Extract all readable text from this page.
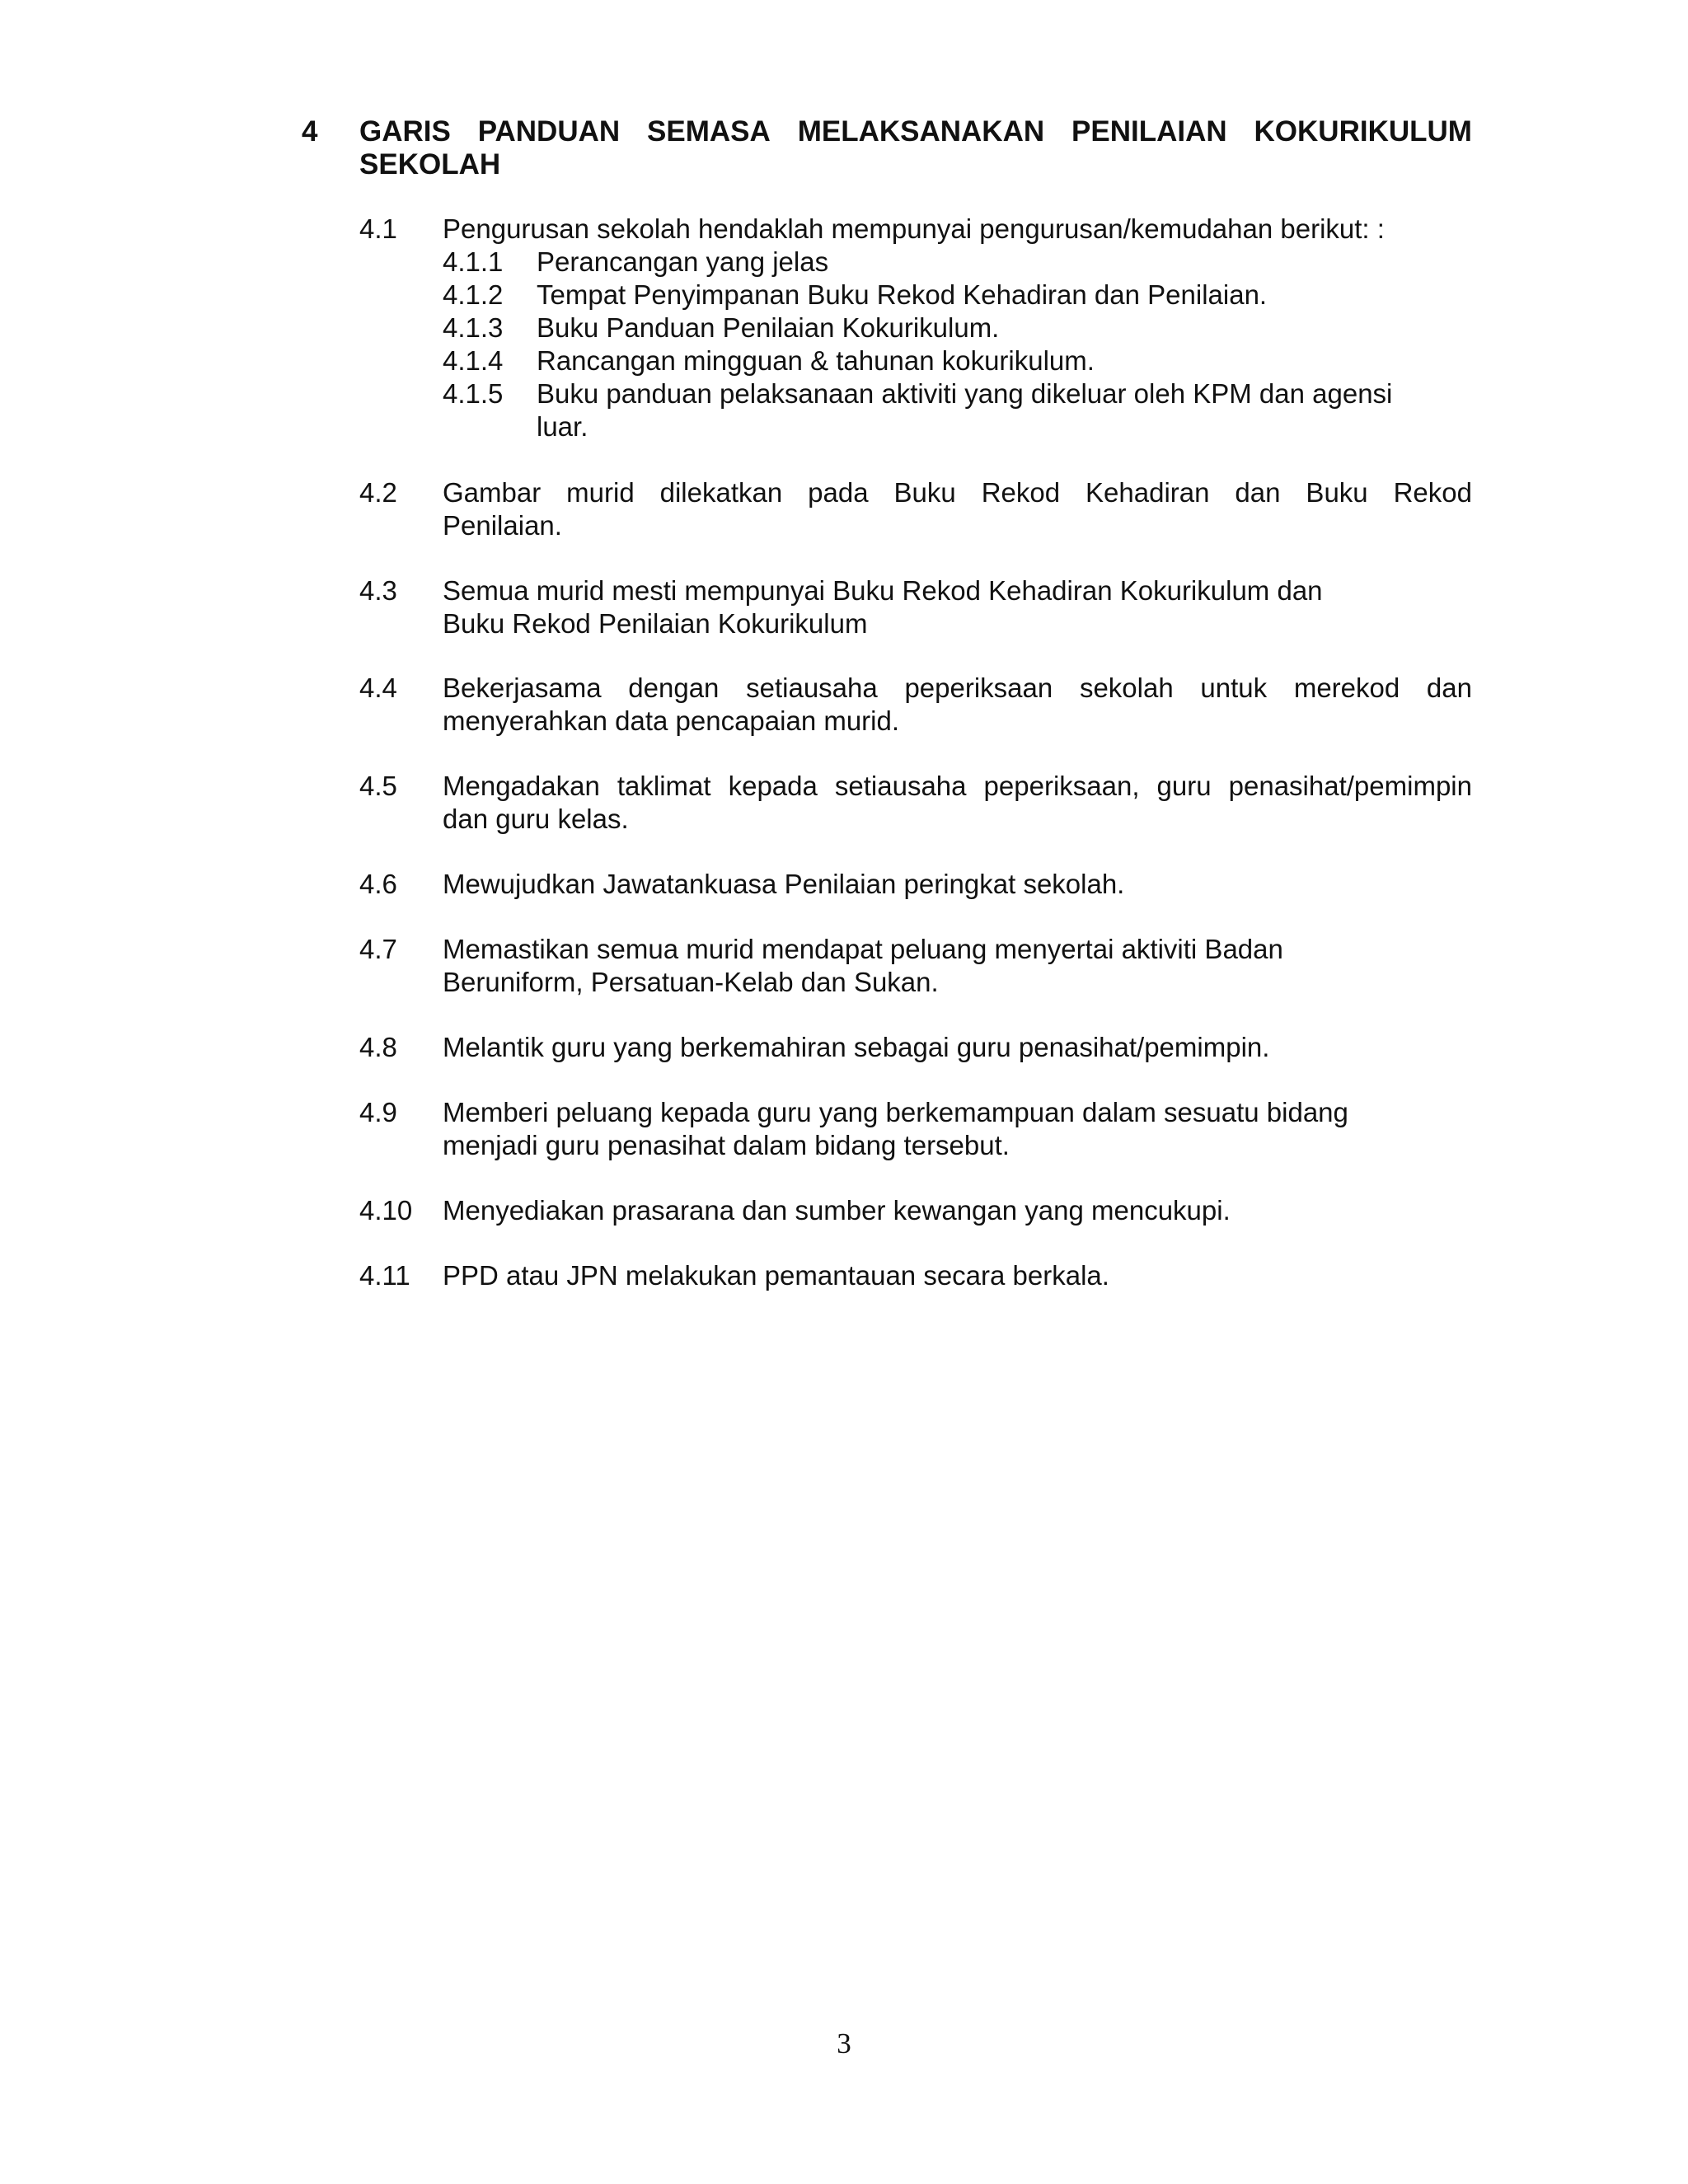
4	GARIS PANDUAN SEMASA MELAKSANAKAN PENILAIAN KOKURIKULUM
SEKOLAH
4.1	Pengurusan sekolah hendaklah mempunyai pengurusan/kemudahan berikut: :
4.1.1	Perancangan yang jelas
4.1.2	Tempat Penyimpanan Buku Rekod Kehadiran dan Penilaian.
4.1.3	Buku Panduan Penilaian Kokurikulum.
4.1.4	Rancangan mingguan & tahunan kokurikulum.
4.1.5	Buku panduan pelaksanaan aktiviti yang dikeluar oleh KPM dan agensi
luar.
4.2	Gambar murid dilekatkan pada Buku Rekod Kehadiran dan Buku Rekod
Penilaian.
4.3	Semua murid mesti mempunyai Buku Rekod Kehadiran Kokurikulum dan
Buku Rekod Penilaian Kokurikulum
4.4	Bekerjasama dengan setiausaha peperiksaan sekolah untuk merekod dan
menyerahkan data pencapaian murid.
4.5	Mengadakan taklimat kepada setiausaha peperiksaan, guru penasihat/pemimpin
dan guru kelas.
4.6	Mewujudkan Jawatankuasa Penilaian peringkat sekolah.
4.7	Memastikan semua murid mendapat peluang menyertai aktiviti Badan
Beruniform, Persatuan-Kelab dan Sukan.
4.8	Melantik guru yang berkemahiran sebagai guru penasihat/pemimpin.
4.9	Memberi peluang kepada guru yang berkemampuan dalam sesuatu bidang
menjadi guru penasihat dalam bidang tersebut.
4.10	Menyediakan prasarana dan sumber kewangan yang mencukupi.
4.11	PPD atau JPN melakukan pemantauan secara berkala.
3
